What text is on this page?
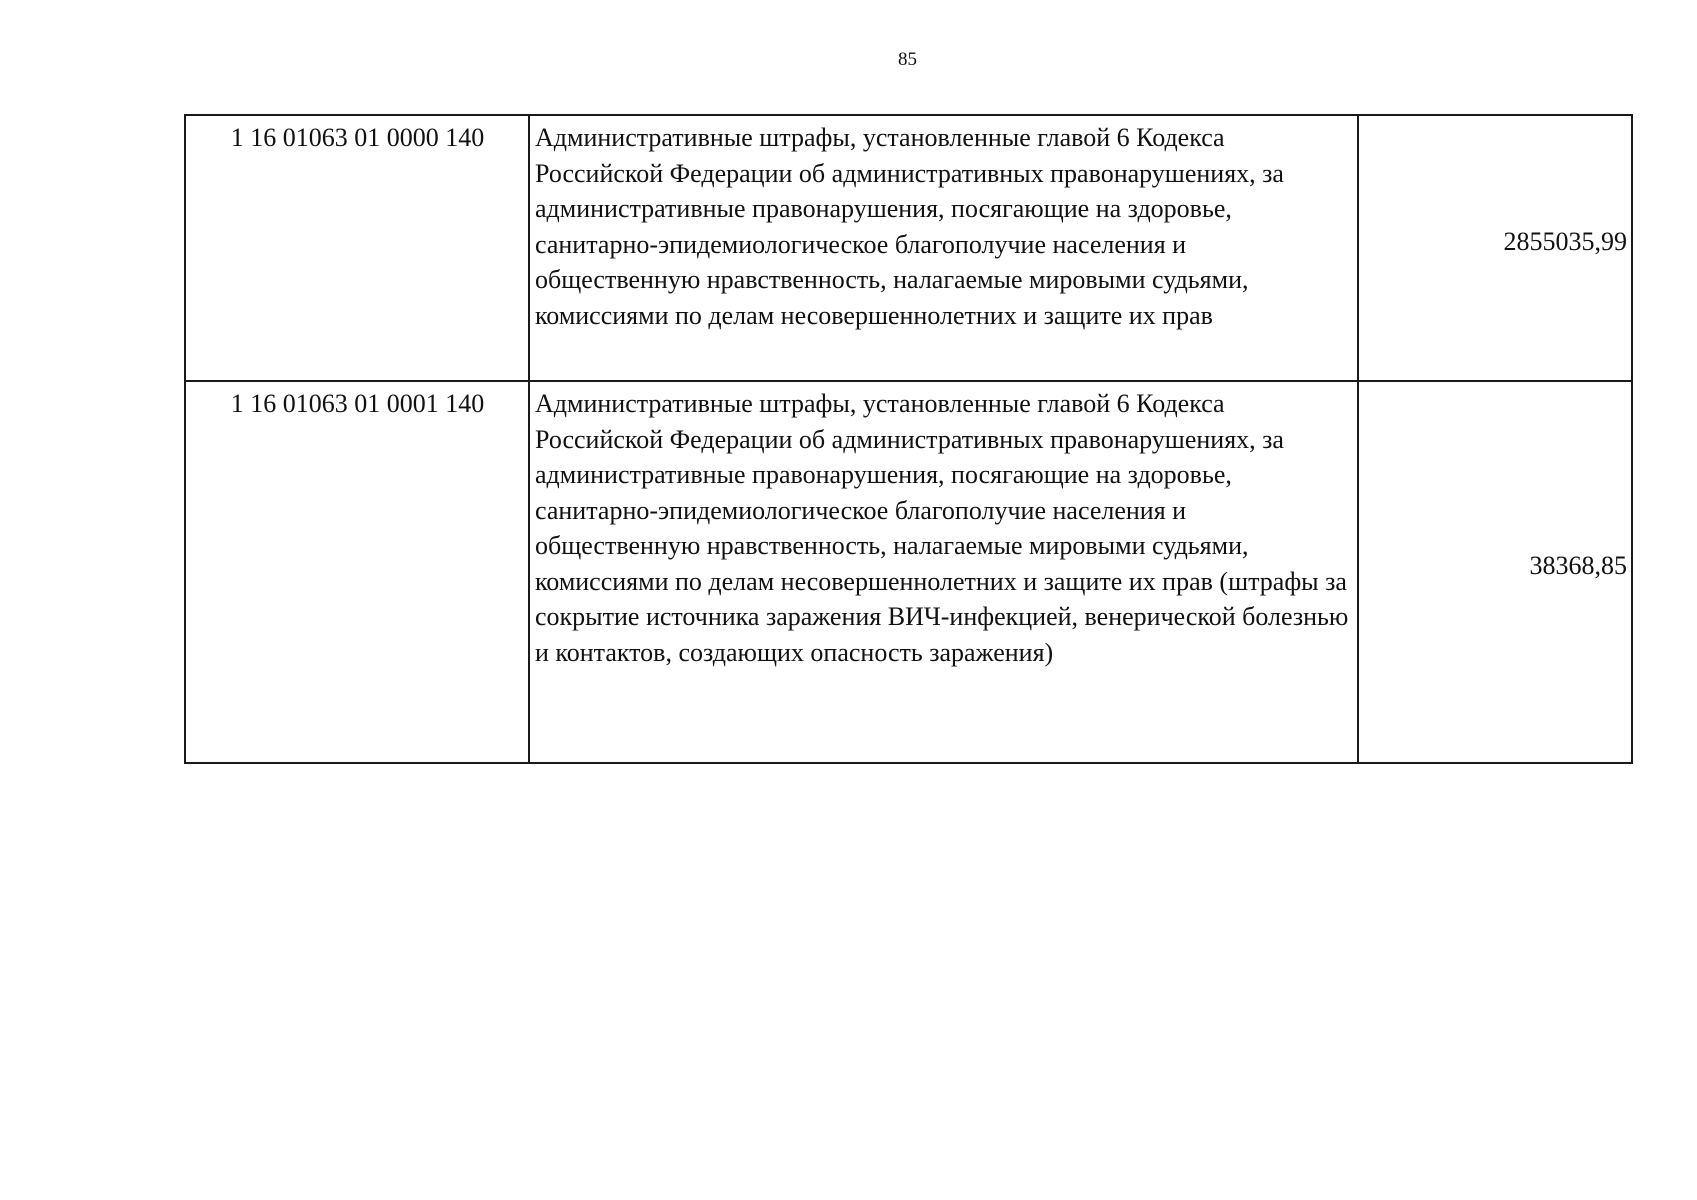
85
1 16 01063 01 0000 140	Административные штрафы, установленные главой 6 Кодекса Российской Федерации об административных правонарушениях, за административные правонарушения, посягающие на здоровье, санитарно-эпидемиологическое благополучие населения и общественную нравственность, налагаемые мировыми судьями, комиссиями по делам несовершеннолетних и защите их прав	2855035,99
1 16 01063 01 0001 140	Административные штрафы, установленные главой 6 Кодекса Российской Федерации об административных правонарушениях, за административные правонарушения, посягающие на здоровье, санитарно-эпидемиологическое благополучие населения и общественную нравственность, налагаемые мировыми судьями, комиссиями по делам несовершеннолетних и защите их прав (штрафы за сокрытие источника заражения ВИЧ-инфекцией, венерической болезнью и контактов, создающих опасность заражения)	38368,85
